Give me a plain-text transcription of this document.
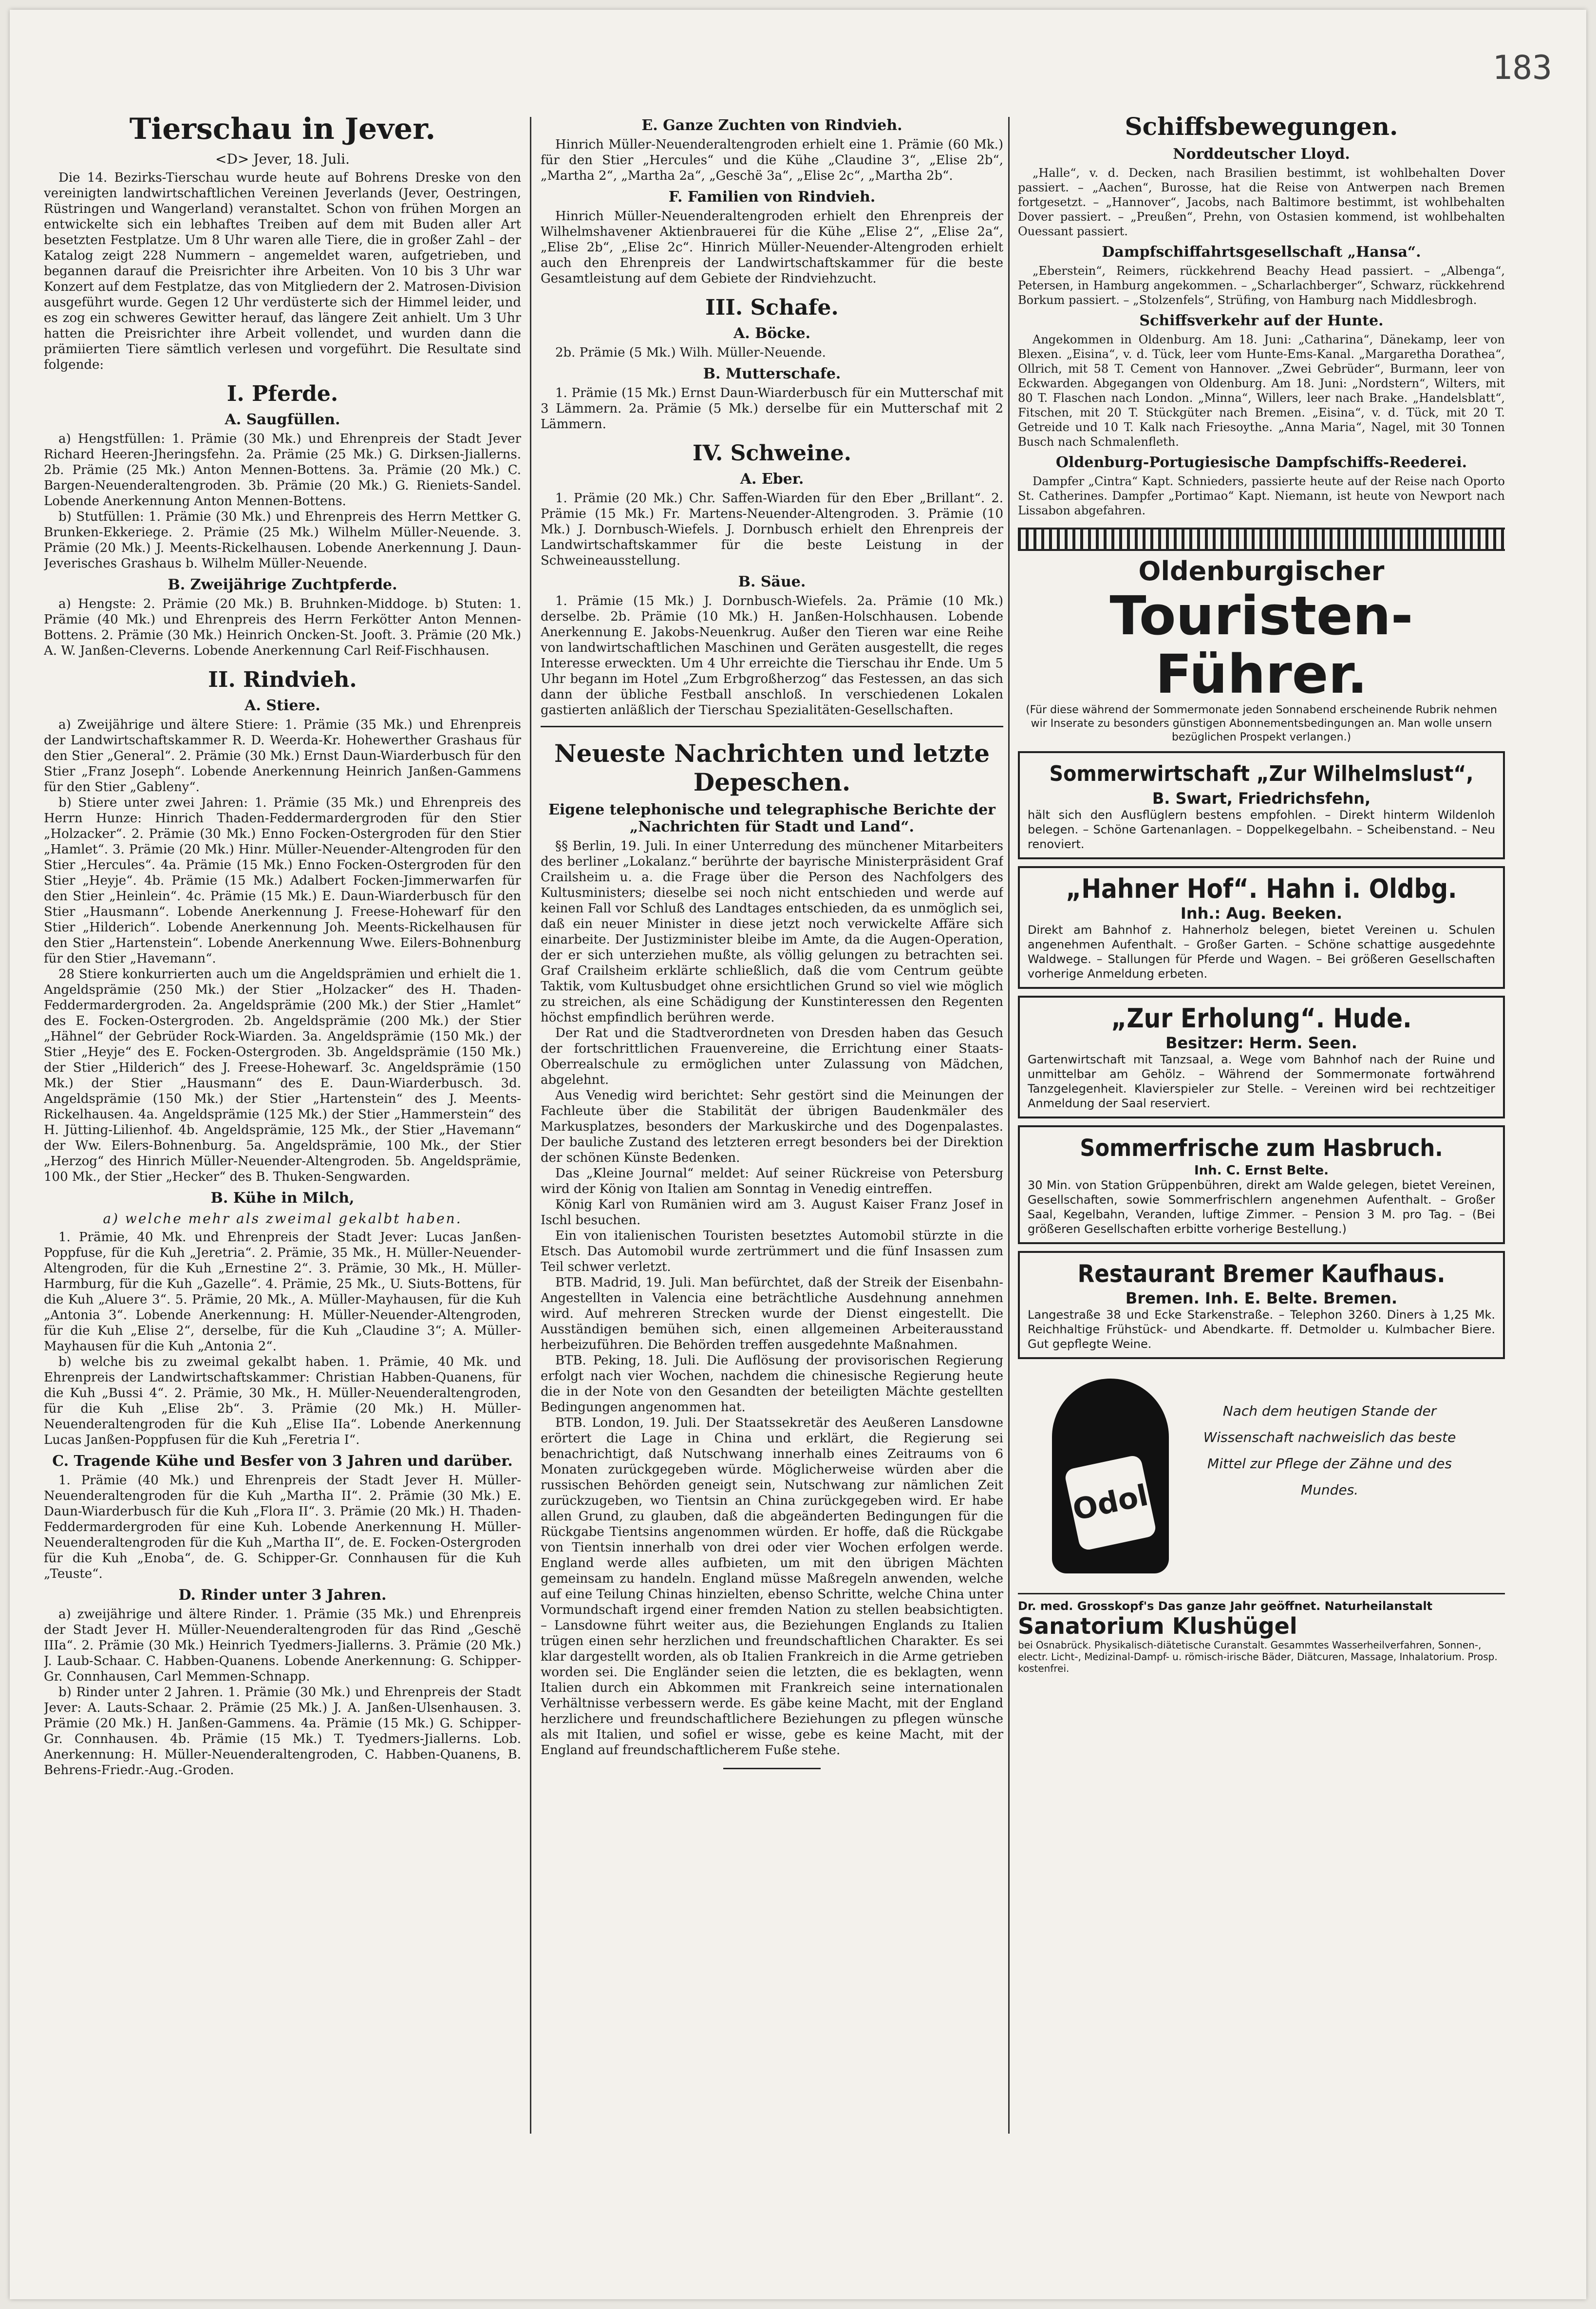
183
Tierschau in Jever.
<D> Jever, 18. Juli.

Die 14. Bezirks-Tierschau wurde heute auf Bohrens Dreske von den vereinigten landwirtschaftlichen Vereinen Jeverlands (Jever, Oestringen, Rüstringen und Wangerland) veranstaltet. Schon von frühen Morgen an entwickelte sich ein lebhaftes Treiben auf dem mit Buden aller Art besetzten Festplatze. Um 8 Uhr waren alle Tiere, die in großer Zahl – der Katalog zeigt 228 Nummern – angemeldet waren, aufgetrieben, und begannen darauf die Preisrichter ihre Arbeiten. Von 10 bis 3 Uhr war Konzert auf dem Festplatze, das von Mitgliedern der 2. Matrosen-Division ausgeführt wurde. Gegen 12 Uhr verdüsterte sich der Himmel leider, und es zog ein schweres Gewitter herauf, das längere Zeit anhielt. Um 3 Uhr hatten die Preisrichter ihre Arbeit vollendet, und wurden dann die prämiierten Tiere sämtlich verlesen und vorgeführt. Die Resultate sind folgende:

I. Pferde.
A. Saugfüllen.

a) Hengstfüllen: 1. Prämie (30 Mk.) und Ehrenpreis der Stadt Jever Richard Heeren-Jheringsfehn. 2a. Prämie (25 Mk.) G. Dirksen-Jiallerns. 2b. Prämie (25 Mk.) Anton Mennen-Bottens. 3a. Prämie (20 Mk.) C. Bargen-Neuenderaltengroden. 3b. Prämie (20 Mk.) G. Rieniets-Sandel. Lobende Anerkennung Anton Mennen-Bottens.

b) Stutfüllen: 1. Prämie (30 Mk.) und Ehrenpreis des Herrn Mettker G. Brunken-Ekkeriege. 2. Prämie (25 Mk.) Wilhelm Müller-Neuende. 3. Prämie (20 Mk.) J. Meents-Rickelhausen. Lobende Anerkennung J. Daun-Jeverisches Grashaus b. Wilhelm Müller-Neuende.

B. Zweijährige Zuchtpferde.

a) Hengste: 2. Prämie (20 Mk.) B. Bruhnken-Middoge. b) Stuten: 1. Prämie (40 Mk.) und Ehrenpreis des Herrn Ferkötter Anton Mennen-Bottens. 2. Prämie (30 Mk.) Heinrich Oncken-St. Jooft. 3. Prämie (20 Mk.) A. W. Janßen-Cleverns. Lobende Anerkennung Carl Reif-Fischhausen.

II. Rindvieh.
A. Stiere.

a) Zweijährige und ältere Stiere: 1. Prämie (35 Mk.) und Ehrenpreis der Landwirtschaftskammer R. D. Weerda-Kr. Hohewerther Grashaus für den Stier „General“. 2. Prämie (30 Mk.) Ernst Daun-Wiarderbusch für den Stier „Franz Joseph“. Lobende Anerkennung Heinrich Janßen-Gammens für den Stier „Gableny“.

b) Stiere unter zwei Jahren: 1. Prämie (35 Mk.) und Ehrenpreis des Herrn Hunze: Hinrich Thaden-Feddermardergroden für den Stier „Holzacker“. 2. Prämie (30 Mk.) Enno Focken-Ostergroden für den Stier „Hamlet“. 3. Prämie (20 Mk.) Hinr. Müller-Neuender-Altengroden für den Stier „Hercules“. 4a. Prämie (15 Mk.) Enno Focken-Ostergroden für den Stier „Heyje“. 4b. Prämie (15 Mk.) Adalbert Focken-Jimmerwarfen für den Stier „Heinlein“. 4c. Prämie (15 Mk.) E. Daun-Wiarderbusch für den Stier „Hausmann“. Lobende Anerkennung J. Freese-Hohewarf für den Stier „Hilderich“. Lobende Anerkennung Joh. Meents-Rickelhausen für den Stier „Hartenstein“. Lobende Anerkennung Wwe. Eilers-Bohnenburg für den Stier „Havemann“.

28 Stiere konkurrierten auch um die Angeldsprämien und erhielt die 1. Angeldsprämie (250 Mk.) der Stier „Holzacker“ des H. Thaden-Feddermardergroden. 2a. Angeldsprämie (200 Mk.) der Stier „Hamlet“ des E. Focken-Ostergroden. 2b. Angeldsprämie (200 Mk.) der Stier „Hähnel“ der Gebrüder Rock-Wiarden. 3a. Angeldsprämie (150 Mk.) der Stier „Heyje“ des E. Focken-Ostergroden. 3b. Angeldsprämie (150 Mk.) der Stier „Hilderich“ des J. Freese-Hohewarf. 3c. Angeldsprämie (150 Mk.) der Stier „Hausmann“ des E. Daun-Wiarderbusch. 3d. Angeldsprämie (150 Mk.) der Stier „Hartenstein“ des J. Meents-Rickelhausen. 4a. Angeldsprämie (125 Mk.) der Stier „Hammerstein“ des H. Jütting-Lilienhof. 4b. Angeldsprämie, 125 Mk., der Stier „Havemann“ der Ww. Eilers-Bohnenburg. 5a. Angeldsprämie, 100 Mk., der Stier „Herzog“ des Hinrich Müller-Neuender-Altengroden. 5b. Angeldsprämie, 100 Mk., der Stier „Hecker“ des B. Thuken-Sengwarden.

B. Kühe in Milch,
a) welche mehr als zweimal gekalbt haben.

1. Prämie, 40 Mk. und Ehrenpreis der Stadt Jever: Lucas Janßen-Poppfuse, für die Kuh „Jeretria“. 2. Prämie, 35 Mk., H. Müller-Neuender-Altengroden, für die Kuh „Ernestine 2“. 3. Prämie, 30 Mk., H. Müller-Harmburg, für die Kuh „Gazelle“. 4. Prämie, 25 Mk., U. Siuts-Bottens, für die Kuh „Aluere 3“. 5. Prämie, 20 Mk., A. Müller-Mayhausen, für die Kuh „Antonia 3“. Lobende Anerkennung: H. Müller-Neuender-Altengroden, für die Kuh „Elise 2“, derselbe, für die Kuh „Claudine 3“; A. Müller-Mayhausen für die Kuh „Antonia 2“.

b) welche bis zu zweimal gekalbt haben. 1. Prämie, 40 Mk. und Ehrenpreis der Landwirtschaftskammer: Christian Habben-Quanens, für die Kuh „Bussi 4“. 2. Prämie, 30 Mk., H. Müller-Neuenderaltengroden, für die Kuh „Elise 2b“. 3. Prämie (20 Mk.) H. Müller-Neuenderaltengroden für die Kuh „Elise IIa“. Lobende Anerkennung Lucas Janßen-Poppfusen für die Kuh „Feretria I“.

C. Tragende Kühe und Besfer von 3 Jahren und darüber.

1. Prämie (40 Mk.) und Ehrenpreis der Stadt Jever H. Müller-Neuenderaltengroden für die Kuh „Martha II“. 2. Prämie (30 Mk.) E. Daun-Wiarderbusch für die Kuh „Flora II“. 3. Prämie (20 Mk.) H. Thaden-Feddermardergroden für eine Kuh. Lobende Anerkennung H. Müller-Neuenderaltengroden für die Kuh „Martha II“, de. E. Focken-Ostergroden für die Kuh „Enoba“, de. G. Schipper-Gr. Connhausen für die Kuh „Teuste“.

D. Rinder unter 3 Jahren.

a) zweijährige und ältere Rinder. 1. Prämie (35 Mk.) und Ehrenpreis der Stadt Jever H. Müller-Neuenderaltengroden für das Rind „Geschë IIIa“. 2. Prämie (30 Mk.) Heinrich Tyedmers-Jiallerns. 3. Prämie (20 Mk.) J. Laub-Schaar. C. Habben-Quanens. Lobende Anerkennung: G. Schipper-Gr. Connhausen, Carl Memmen-Schnapp.

b) Rinder unter 2 Jahren. 1. Prämie (30 Mk.) und Ehrenpreis der Stadt Jever: A. Lauts-Schaar. 2. Prämie (25 Mk.) J. A. Janßen-Ulsenhausen. 3. Prämie (20 Mk.) H. Janßen-Gammens. 4a. Prämie (15 Mk.) G. Schipper-Gr. Connhausen. 4b. Prämie (15 Mk.) T. Tyedmers-Jiallerns. Lob. Anerkennung: H. Müller-Neuenderaltengroden, C. Habben-Quanens, B. Behrens-Friedr.-Aug.-Groden.

E. Ganze Zuchten von Rindvieh.

Hinrich Müller-Neuenderaltengroden erhielt eine 1. Prämie (60 Mk.) für den Stier „Hercules“ und die Kühe „Claudine 3“, „Elise 2b“, „Martha 2“, „Martha 2a“, „Geschë 3a“, „Elise 2c“, „Martha 2b“.

F. Familien von Rindvieh.

Hinrich Müller-Neuenderaltengroden erhielt den Ehrenpreis der Wilhelmshavener Aktienbrauerei für die Kühe „Elise 2“, „Elise 2a“, „Elise 2b“, „Elise 2c“. Hinrich Müller-Neuender-Altengroden erhielt auch den Ehrenpreis der Landwirtschaftskammer für die beste Gesamtleistung auf dem Gebiete der Rindviehzucht.

III. Schafe.
A. Böcke.

2b. Prämie (5 Mk.) Wilh. Müller-Neuende.

B. Mutterschafe.

1. Prämie (15 Mk.) Ernst Daun-Wiarderbusch für ein Mutterschaf mit 3 Lämmern. 2a. Prämie (5 Mk.) derselbe für ein Mutterschaf mit 2 Lämmern.

IV. Schweine.
A. Eber.

1. Prämie (20 Mk.) Chr. Saffen-Wiarden für den Eber „Brillant“. 2. Prämie (15 Mk.) Fr. Martens-Neuender-Altengroden. 3. Prämie (10 Mk.) J. Dornbusch-Wiefels. J. Dornbusch erhielt den Ehrenpreis der Landwirtschaftskammer für die beste Leistung in der Schweineausstellung.

B. Säue.

1. Prämie (15 Mk.) J. Dornbusch-Wiefels. 2a. Prämie (10 Mk.) derselbe. 2b. Prämie (10 Mk.) H. Janßen-Holschhausen. Lobende Anerkennung E. Jakobs-Neuenkrug. Außer den Tieren war eine Reihe von landwirtschaftlichen Maschinen und Geräten ausgestellt, die reges Interesse erweckten. Um 4 Uhr erreichte die Tierschau ihr Ende. Um 5 Uhr begann im Hotel „Zum Erbgroßherzog“ das Festessen, an das sich dann der übliche Festball anschloß. In verschiedenen Lokalen gastierten anläßlich der Tierschau Spezialitäten-Gesellschaften.

Neueste Nachrichten und letzte Depeschen.
Eigene telephonische und telegraphische Berichte der „Nachrichten für Stadt und Land“.

§§ Berlin, 19. Juli. In einer Unterredung des münchener Mitarbeiters des berliner „Lokalanz.“ berührte der bayrische Ministerpräsident Graf Crailsheim u. a. die Frage über die Person des Nachfolgers des Kultusministers; dieselbe sei noch nicht entschieden und werde auf keinen Fall vor Schluß des Landtages entschieden, da es unmöglich sei, daß ein neuer Minister in diese jetzt noch verwickelte Affäre sich einarbeite. Der Justizminister bleibe im Amte, da die Augen-Operation, der er sich unterziehen mußte, als völlig gelungen zu betrachten sei. Graf Crailsheim erklärte schließlich, daß die vom Centrum geübte Taktik, vom Kultusbudget ohne ersichtlichen Grund so viel wie möglich zu streichen, als eine Schädigung der Kunstinteressen den Regenten höchst empfindlich berühren werde.

Der Rat und die Stadtverordneten von Dresden haben das Gesuch der fortschrittlichen Frauenvereine, die Errichtung einer Staats-Oberrealschule zu ermöglichen unter Zulassung von Mädchen, abgelehnt.

Aus Venedig wird berichtet: Sehr gestört sind die Meinungen der Fachleute über die Stabilität der übrigen Baudenkmäler des Markusplatzes, besonders der Markuskirche und des Dogenpalastes. Der bauliche Zustand des letzteren erregt besonders bei der Direktion der schönen Künste Bedenken.

Das „Kleine Journal“ meldet: Auf seiner Rückreise von Petersburg wird der König von Italien am Sonntag in Venedig eintreffen.

König Karl von Rumänien wird am 3. August Kaiser Franz Josef in Ischl besuchen.

Ein von italienischen Touristen besetztes Automobil stürzte in die Etsch. Das Automobil wurde zertrümmert und die fünf Insassen zum Teil schwer verletzt.

BTB. Madrid, 19. Juli. Man befürchtet, daß der Streik der Eisenbahn-Angestellten in Valencia eine beträchtliche Ausdehnung annehmen wird. Auf mehreren Strecken wurde der Dienst eingestellt. Die Ausständigen bemühen sich, einen allgemeinen Arbeiterausstand herbeizuführen. Die Behörden treffen ausgedehnte Maßnahmen.

BTB. Peking, 18. Juli. Die Auflösung der provisorischen Regierung erfolgt nach vier Wochen, nachdem die chinesische Regierung heute die in der Note von den Gesandten der beteiligten Mächte gestellten Bedingungen angenommen hat.

BTB. London, 19. Juli. Der Staatssekretär des Aeußeren Lansdowne erörtert die Lage in China und erklärt, die Regierung sei benachrichtigt, daß Nutschwang innerhalb eines Zeitraums von 6 Monaten zurückgegeben würde. Möglicherweise würden aber die russischen Behörden geneigt sein, Nutschwang zur nämlichen Zeit zurückzugeben, wo Tientsin an China zurückgegeben wird. Er habe allen Grund, zu glauben, daß die abgeänderten Bedingungen für die Rückgabe Tientsins angenommen würden. Er hoffe, daß die Rückgabe von Tientsin innerhalb von drei oder vier Wochen erfolgen werde. England werde alles aufbieten, um mit den übrigen Mächten gemeinsam zu handeln. England müsse Maßregeln anwenden, welche auf eine Teilung Chinas hinzielten, ebenso Schritte, welche China unter Vormundschaft irgend einer fremden Nation zu stellen beabsichtigten. – Lansdowne führt weiter aus, die Beziehungen Englands zu Italien trügen einen sehr herzlichen und freundschaftlichen Charakter. Es sei klar dargestellt worden, als ob Italien Frankreich in die Arme getrieben worden sei. Die Engländer seien die letzten, die es beklagten, wenn Italien durch ein Abkommen mit Frankreich seine internationalen Verhältnisse verbessern werde. Es gäbe keine Macht, mit der England herzlichere und freundschaftlichere Beziehungen zu pflegen wünsche als mit Italien, und sofiel er wisse, gebe es keine Macht, mit der England auf freundschaftlicherem Fuße stehe.

Schiffsbewegungen.
Norddeutscher Lloyd.

„Halle“, v. d. Decken, nach Brasilien bestimmt, ist wohlbehalten Dover passiert. – „Aachen“, Burosse, hat die Reise von Antwerpen nach Bremen fortgesetzt. – „Hannover“, Jacobs, nach Baltimore bestimmt, ist wohlbehalten Dover passiert. – „Preußen“, Prehn, von Ostasien kommend, ist wohlbehalten Ouessant passiert.

Dampfschiffahrtsgesellschaft „Hansa“.

„Eberstein“, Reimers, rückkehrend Beachy Head passiert. – „Albenga“, Petersen, in Hamburg angekommen. – „Scharlachberger“, Schwarz, rückkehrend Borkum passiert. – „Stolzenfels“, Strüfing, von Hamburg nach Middlesbrogh.

Schiffsverkehr auf der Hunte.

Angekommen in Oldenburg. Am 18. Juni: „Catharina“, Dänekamp, leer von Blexen. „Eisina“, v. d. Tück, leer vom Hunte-Ems-Kanal. „Margaretha Dorathea“, Ollrich, mit 58 T. Cement von Hannover. „Zwei Gebrüder“, Burmann, leer von Eckwarden. Abgegangen von Oldenburg. Am 18. Juni: „Nordstern“, Wilters, mit 80 T. Flaschen nach London. „Minna“, Willers, leer nach Brake. „Handelsblatt“, Fitschen, mit 20 T. Stückgüter nach Bremen. „Eisina“, v. d. Tück, mit 20 T. Getreide und 10 T. Kalk nach Friesoythe. „Anna Maria“, Nagel, mit 30 Tonnen Busch nach Schmalenfleth.

Oldenburg-Portugiesische Dampfschiffs-Reederei.

Dampfer „Cintra“ Kapt. Schnieders, passierte heute auf der Reise nach Oporto St. Catherines. Dampfer „Portimao“ Kapt. Niemann, ist heute von Newport nach Lissabon abgefahren.

Oldenburgischer
Touristen-Führer.
(Für diese während der Sommermonate jeden Sonnabend erscheinende Rubrik nehmen wir Inserate zu besonders günstigen Abonnementsbedingungen an. Man wolle unsern bezüglichen Prospekt verlangen.)
Sommerwirtschaft „Zur Wilhelmslust“,
B. Swart, Friedrichsfehn,
hält sich den Ausflüglern bestens empfohlen. – Direkt hinterm Wildenloh belegen. – Schöne Gartenanlagen. – Doppelkegelbahn. – Scheibenstand. – Neu renoviert.
„Hahner Hof“. Hahn i. Oldbg.
Inh.: Aug. Beeken.
Direkt am Bahnhof z. Hahnerholz belegen, bietet Vereinen u. Schulen angenehmen Aufenthalt. – Großer Garten. – Schöne schattige ausgedehnte Waldwege. – Stallungen für Pferde und Wagen. – Bei größeren Gesellschaften vorherige Anmeldung erbeten.
„Zur Erholung“. Hude.
Besitzer: Herm. Seen.
Gartenwirtschaft mit Tanzsaal, a. Wege vom Bahnhof nach der Ruine und unmittelbar am Gehölz. – Während der Sommermonate fortwährend Tanzgelegenheit. Klavierspieler zur Stelle. – Vereinen wird bei rechtzeitiger Anmeldung der Saal reserviert.
Sommerfrische zum Hasbruch.
Inh. C. Ernst Belte.
30 Min. von Station Grüppenbühren, direkt am Walde gelegen, bietet Vereinen, Gesellschaften, sowie Sommerfrischlern angenehmen Aufenthalt. – Großer Saal, Kegelbahn, Veranden, luftige Zimmer. – Pension 3 M. pro Tag. – (Bei größeren Gesellschaften erbitte vorherige Bestellung.)
Restaurant Bremer Kaufhaus.
Bremen. Inh. E. Belte. Bremen.
Langestraße 38 und Ecke Starkenstraße. – Telephon 3260. Diners à 1,25 Mk. Reichhaltige Frühstück- und Abendkarte. ff. Detmolder u. Kulmbacher Biere. Gut gepflegte Weine.
Odol
Nach dem heutigen Stande der Wissenschaft nachweislich das beste Mittel zur Pflege der Zähne und des Mundes.
Dr. med. Grosskopf's Das ganze Jahr geöffnet. Naturheilanstalt
Sanatorium Klushügel
bei Osnabrück. Physikalisch-diätetische Curanstalt. Gesammtes Wasserheilverfahren, Sonnen-, electr. Licht-, Medizinal-Dampf- u. römisch-irische Bäder, Diätcuren, Massage, Inhalatorium. Prosp. kostenfrei.
